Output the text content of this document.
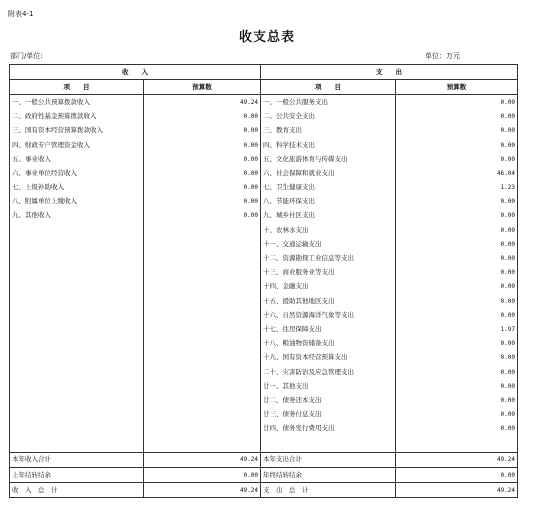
附表4-1
收支总表
部门/单位:	单位：万元
收　　入		支　　出	
项　　目	预算数	项　　目	预算数
一、一般公共预算拨款收入	49.24	一、一般公共服务支出	0.00
二、政府性基金预算拨款收入	0.00	二、公共安全支出	0.00
三、国有资本经营预算拨款收入	0.00	三、教育支出	0.00
四、财政专户管理资金收入	0.00	四、科学技术支出	0.00
五、事业收入	0.00	五、文化旅游体育与传媒支出	0.00
六、事业单位经营收入	0.00	六、社会保障和就业支出	46.04
七、上级补助收入	0.00	七、卫生健康支出	1.23
八、附属单位上缴收入	0.00	八、节能环保支出	0.00
九、其他收入	0.00	九、城乡社区支出	0.00
		十、农林水支出	0.00
		十一、交通运输支出	0.00
		十二、资源勘探工业信息等支出	0.00
		十三、商业服务业等支出	0.00
		十四、金融支出	0.00
		十五、援助其他地区支出	0.00
		十六、自然资源海洋气象等支出	0.00
		十七、住房保障支出	1.97
		十八、粮油物资储备支出	0.00
		十九、国有资本经营预算支出	0.00
		二十、灾害防治及应急管理支出	0.00
		廿一、其他支出	0.00
		廿二、债务还本支出	0.00
		廿三、债务付息支出	0.00
		廿四、债务发行费用支出	0.00

本年收入合计	49.24	本年支出合计	49.24
上年结转结余	0.00	年终结转结余	0.00
收　入　总　计	49.24	支　出　总　计	49.24
